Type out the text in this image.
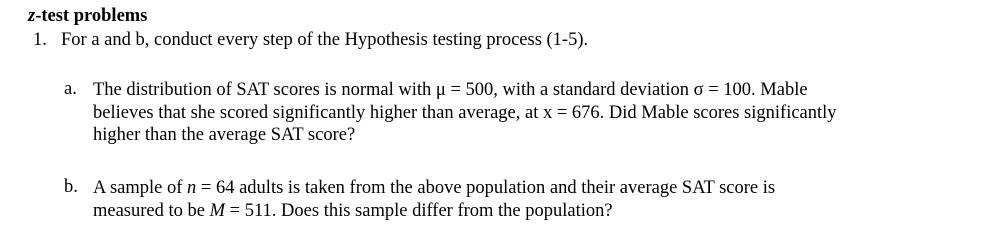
z-test problems
1. For a and b, conduct every step of the Hypothesis testing process (1-5).
a. The distribution of SAT scores is normal with μ = 500, with a standard deviation σ = 100. Mable
believes that she scored significantly higher than average, at x = 676. Did Mable scores significantly
higher than the average SAT score?
b. A sample of n = 64 adults is taken from the above population and their average SAT score is
measured to be M = 511. Does this sample differ from the population?
